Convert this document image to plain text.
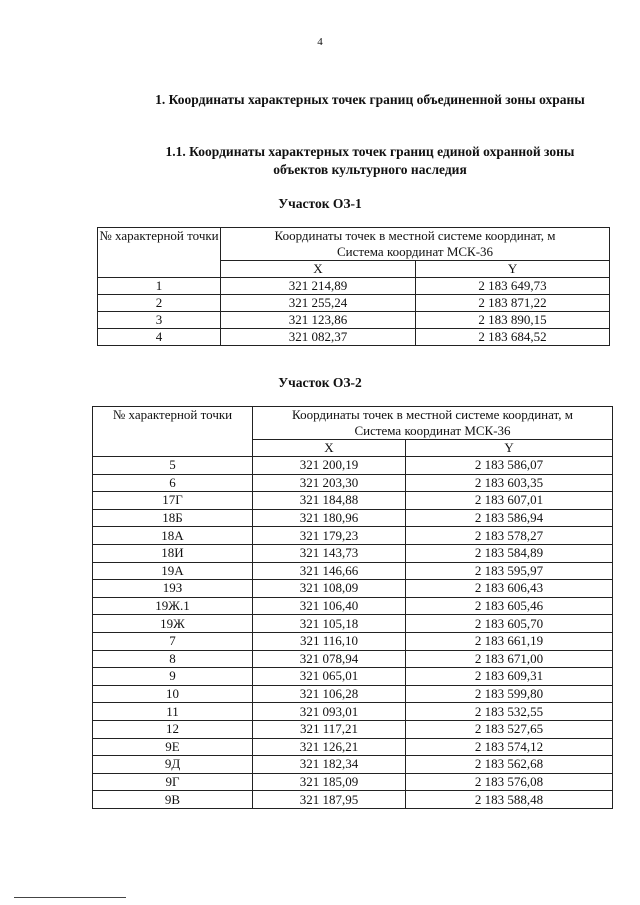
4
1. Координаты характерных точек границ объединенной зоны охраны
1.1. Координаты характерных точек границ единой охранной зоны объектов культурного наследия
Участок ОЗ-1
№ характерной точки	Координаты точек в местной системе координат, м
Система координат МСК-36	

	X	Y
1	321 214,89	2 183 649,73
2	321 255,24	2 183 871,22
3	321 123,86	2 183 890,15
4	321 082,37	2 183 684,52
Участок ОЗ-2
№ характерной точки	Координаты точек в местной системе координат, м
Система координат МСК-36	

	X	Y
5	321 200,19	2 183 586,07
6	321 203,30	2 183 603,35
17Г	321 184,88	2 183 607,01
18Б	321 180,96	2 183 586,94
18А	321 179,23	2 183 578,27
18И	321 143,73	2 183 584,89
19А	321 146,66	2 183 595,97
19З	321 108,09	2 183 606,43
19Ж.1	321 106,40	2 183 605,46
19Ж	321 105,18	2 183 605,70
7	321 116,10	2 183 661,19
8	321 078,94	2 183 671,00
9	321 065,01	2 183 609,31
10	321 106,28	2 183 599,80
11	321 093,01	2 183 532,55
12	321 117,21	2 183 527,65
9Е	321 126,21	2 183 574,12
9Д	321 182,34	2 183 562,68
9Г	321 185,09	2 183 576,08
9В	321 187,95	2 183 588,48
